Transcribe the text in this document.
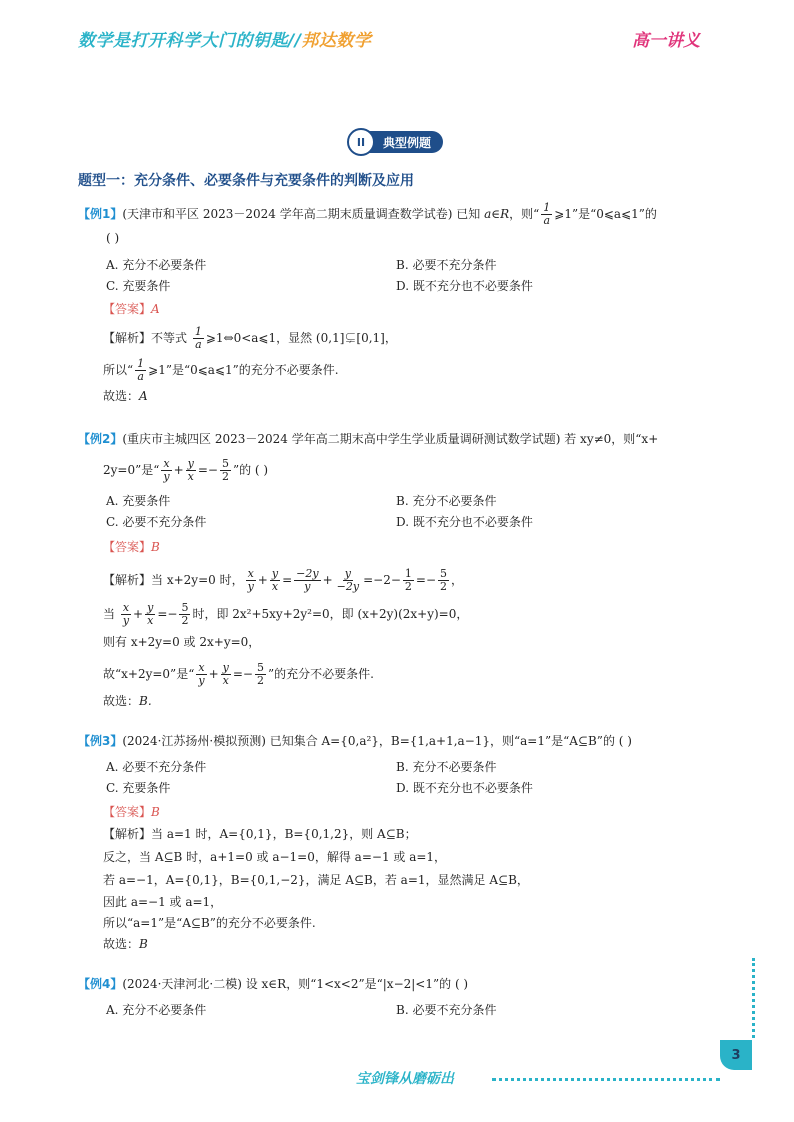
数学是打开科学大门的钥匙//邦达数学	高一讲义
II	典型例题
题型一：充分条件、必要条件与充要条件的判断及应用
【例1】(天津市和平区 2023－2024 学年高二期末质量调查数学试卷) 已知 a∈R，则“ $\frac{1}{a}$ ⩾1”是“0⩽a⩽1”的
( )
A. 充分不必要条件	B. 必要不充分条件
C. 充要条件	D. 既不充分也不必要条件
【答案】A
【解析】不等式 $\frac{1}{a}$ ⩾1⇔0<a⩽1，显然 (0,1]⊊[0,1]，
所以“ $\frac{1}{a}$ ⩾1”是“0⩽a⩽1”的充分不必要条件.
故选：A
【例2】(重庆市主城四区 2023－2024 学年高二期末高中学生学业质量调研测试数学试题) 若 xy≠0，则“x+
2y=0”是“ $\frac{x}{y} + \frac{y}{x} =- \frac{5}{2}$ ”的 ( )
A. 充要条件	B. 充分不必要条件
C. 必要不充分条件	D. 既不充分也不必要条件
【答案】B
【解析】当 x+2y=0 时， $\frac{x}{y} + \frac{y}{x} = \frac{-2y}{y} + \frac{y}{-2y} =-2- \frac{1}{2} =- \frac{5}{2}$ ，
当 $\frac{x}{y} + \frac{y}{x} =- \frac{5}{2}$ 时，即 2x²+5xy+2y²=0，即 (x+2y)(2x+y)=0，
则有 x+2y=0 或 2x+y=0，
故“x+2y=0”是“ $\frac{x}{y} + \frac{y}{x} =- \frac{5}{2}$ ”的充分不必要条件.
故选：B.
【例3】(2024·江苏扬州·模拟预测) 已知集合 A={0,a²}，B={1,a+1,a−1}，则“a=1”是“A⊆B”的 ( )
A. 必要不充分条件	B. 充分不必要条件
C. 充要条件	D. 既不充分也不必要条件
【答案】B
【解析】当 a=1 时，A={0,1}，B={0,1,2}，则 A⊆B；
反之，当 A⊆B 时，a+1=0 或 a−1=0，解得 a=−1 或 a=1，
若 a=−1，A={0,1}，B={0,1,−2}，满足 A⊆B，若 a=1，显然满足 A⊆B，
因此 a=−1 或 a=1，
所以“a=1”是“A⊆B”的充分不必要条件.
故选：B
【例4】(2024·天津河北·二模) 设 x∈R，则“1<x<2”是“|x−2|<1”的 ( )
A. 充分不必要条件	B. 必要不充分条件
3
宝剑锋从磨砺出
